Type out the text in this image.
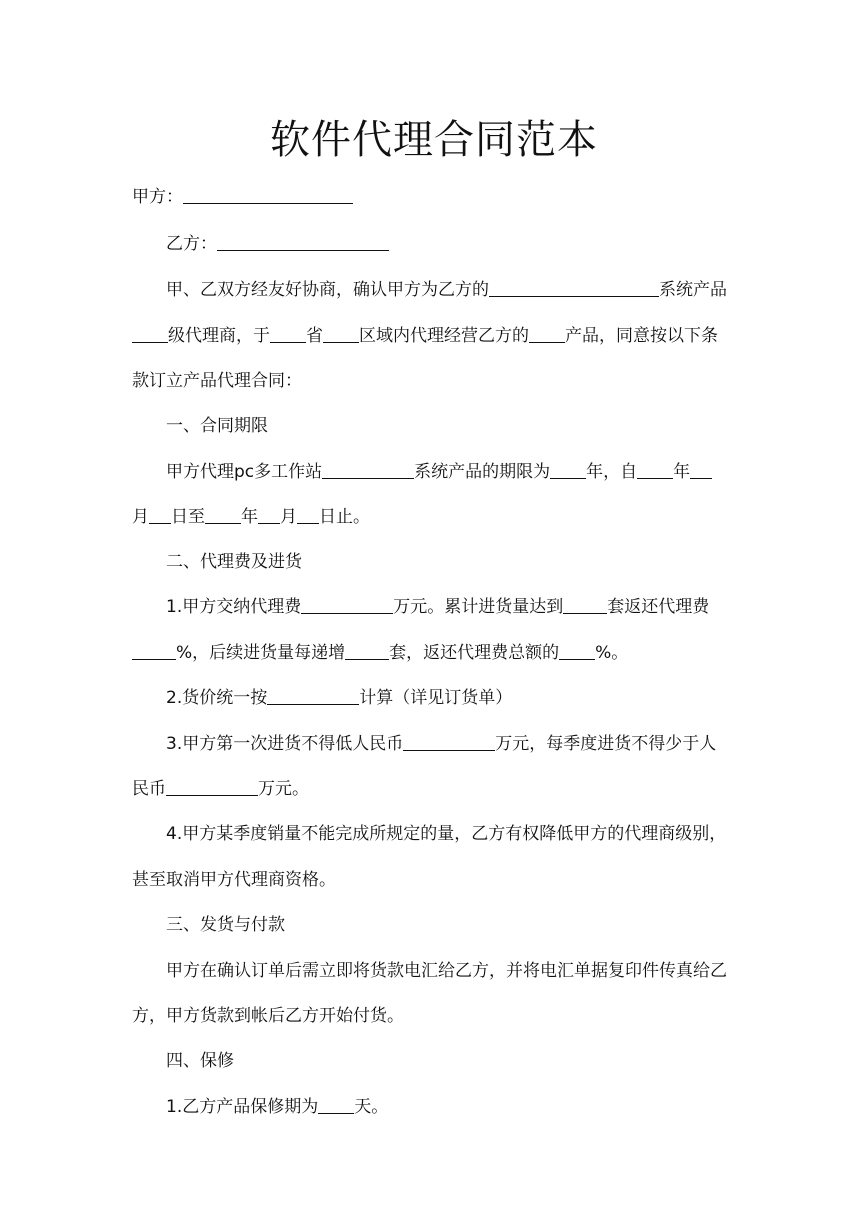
软件代理合同范本
甲方：
乙方：
甲、乙双方经友好协商，确认甲方为乙方的	系统产品
级代理商，于 省 区域内代理经营乙方的 产品，同意按以下条
款订立产品代理合同：
一、合同期限
甲方代理pc多工作站	系统产品的期限为 年，自 年
月 日至 年 月 日止。
二、代理费及进货
1.甲方交纳代理费	万元。累计进货量达到	套返还代理费
%，后续进货量每递增	套，返还代理费总额的 %。
2.货价统一按	计算（详见订货单）
3.甲方第一次进货不得低人民币	万元，每季度进货不得少于人
民币	万元。
4.甲方某季度销量不能完成所规定的量，乙方有权降低甲方的代理商级别，
甚至取消甲方代理商资格。
三、发货与付款
甲方在确认订单后需立即将货款电汇给乙方，并将电汇单据复印件传真给乙
方，甲方货款到帐后乙方开始付货。
四、保修
1.乙方产品保修期为 天。
